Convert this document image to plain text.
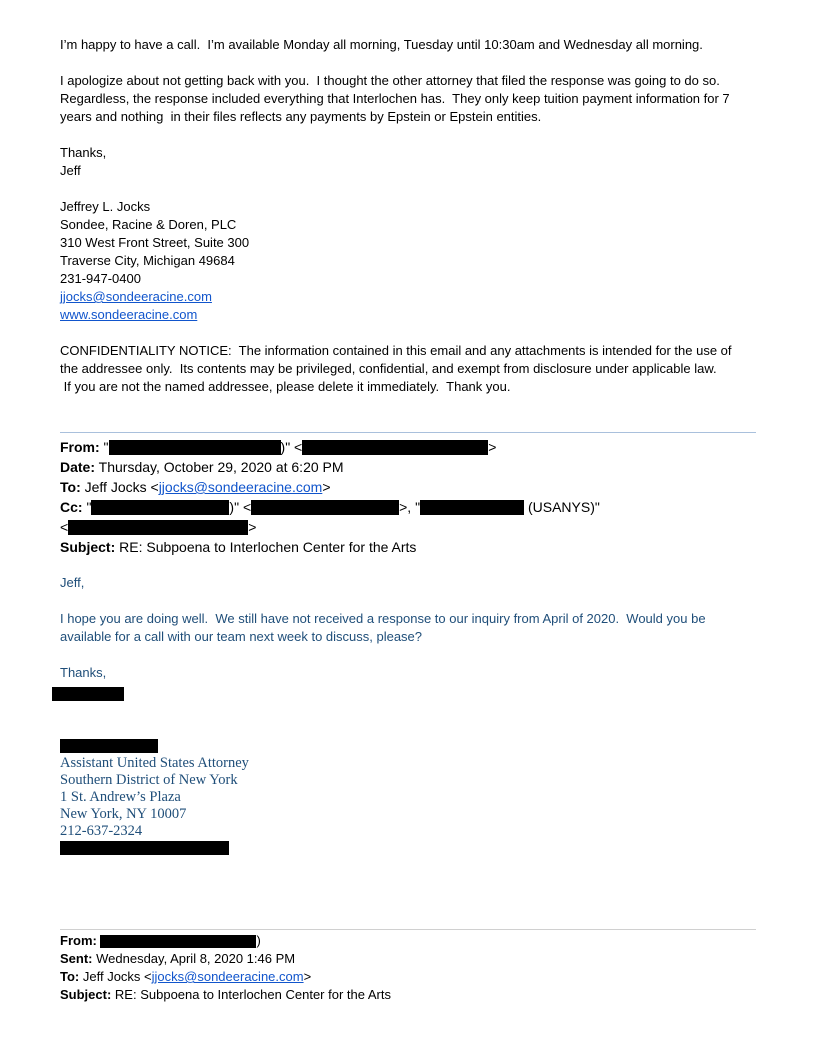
I’m happy to have a call.  I’m available Monday all morning, Tuesday until 10:30am and Wednesday all morning.

I apologize about not getting back with you.  I thought the other attorney that filed the response was going to do so.

Regardless, the response included everything that Interlochen has.  They only keep tuition payment information for 7

years and nothing  in their files reflects any payments by Epstein or Epstein entities.

Thanks,

Jeff

Jeffrey L. Jocks

Sondee, Racine & Doren, PLC

310 West Front Street, Suite 300

Traverse City, Michigan 49684

231-947-0400

jjocks@sondeeracine.com

www.sondeeracine.com

CONFIDENTIALITY NOTICE:  The information contained in this email and any attachments is intended for the use of

the addressee only.  Its contents may be privileged, confidential, and exempt from disclosure under applicable law.

If you are not the named addressee, please delete it immediately.  Thank you.

From: "	)" <	>
Date: Thursday, October 29, 2020 at 6:20 PM
To: Jeff Jocks <jjocks@sondeeracine.com>
Cc: "	)" <	>, "	(USANYS)"
<	>
Subject: RE: Subpoena to Interlochen Center for the Arts

Jeff,

I hope you are doing well.  We still have not received a response to our inquiry from April of 2020.  Would you be

available for a call with our team next week to discuss, please?

Thanks,

Assistant United States Attorney
Southern District of New York
1 St. Andrew’s Plaza
New York, NY 10007
212-637-2324
From:	)
Sent: Wednesday, April 8, 2020 1:46 PM
To: Jeff Jocks <jjocks@sondeeracine.com>
Subject: RE: Subpoena to Interlochen Center for the Arts
